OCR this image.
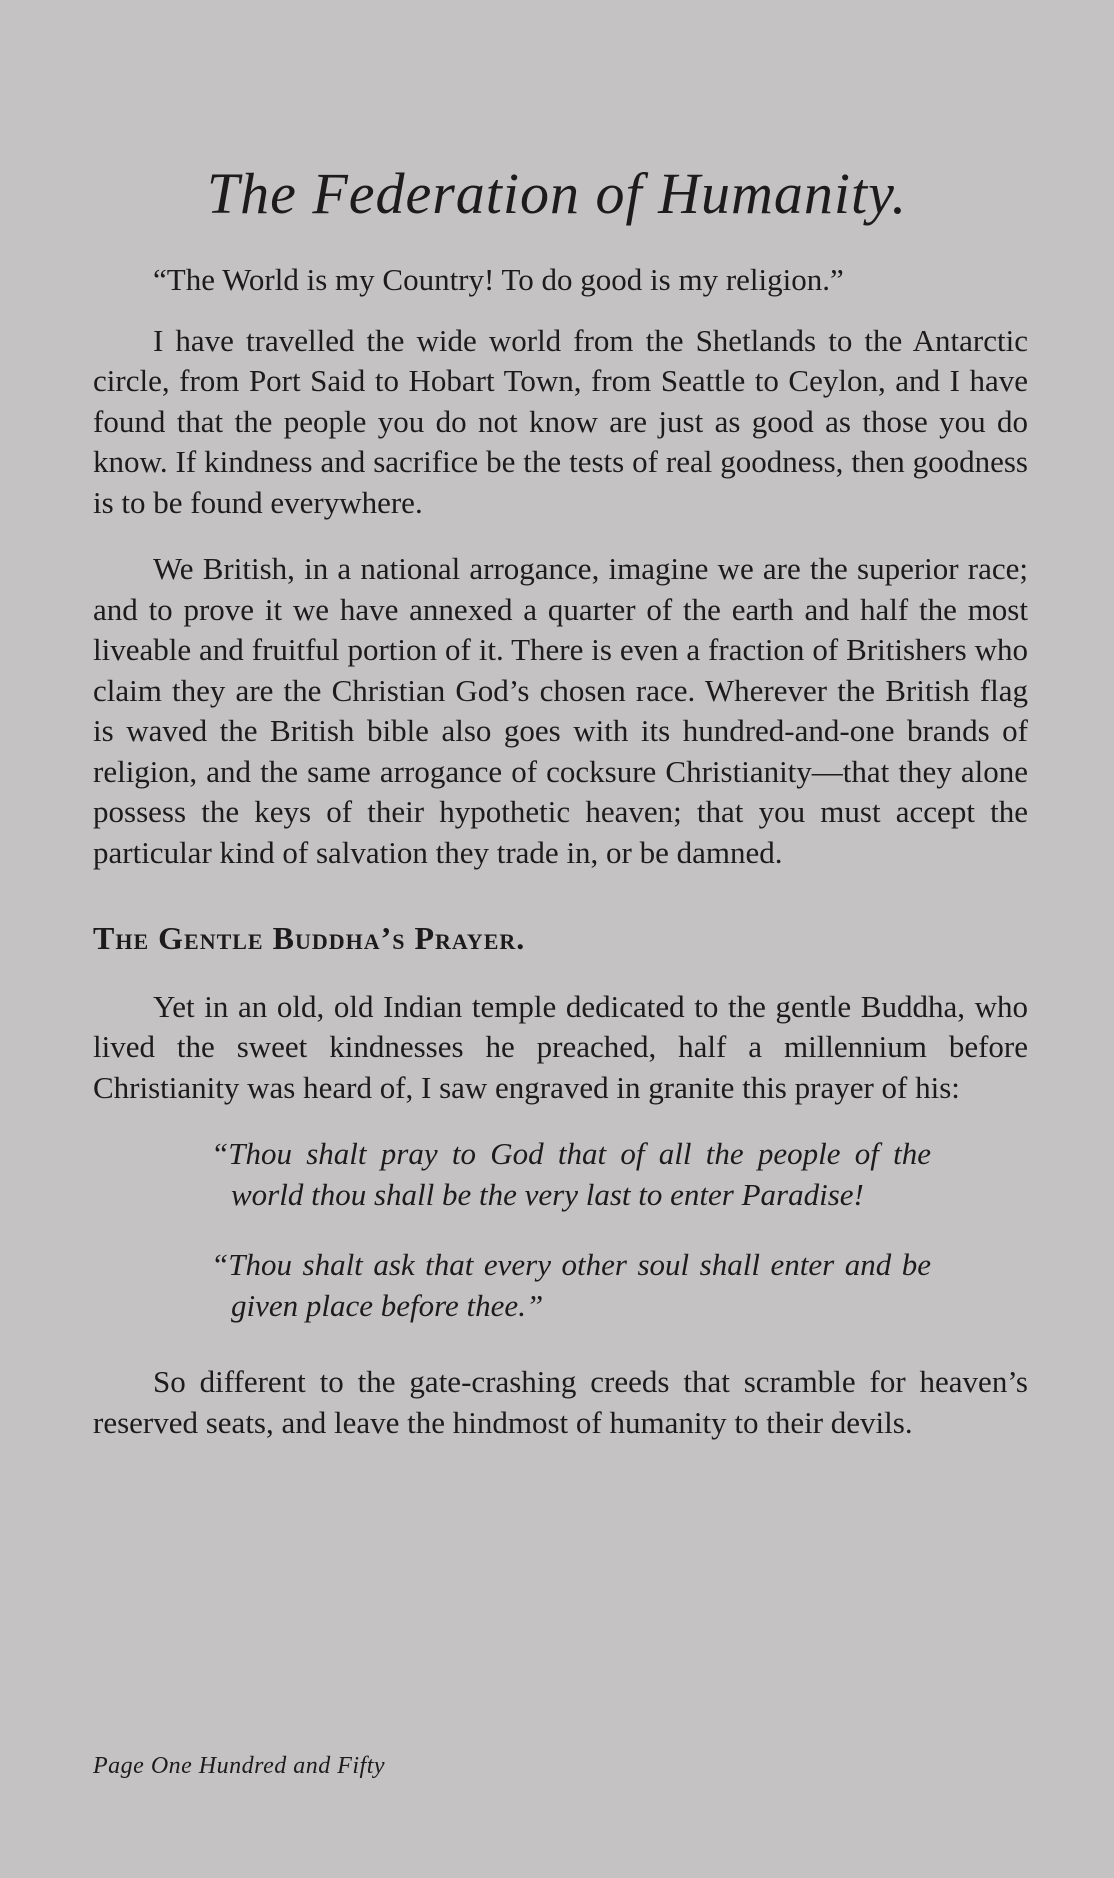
The Federation of Humanity.

“The World is my Country! To do good is my religion.”

I have travelled the wide world from the Shetlands to the Antarctic circle, from Port Said to Hobart Town, from Seattle to Ceylon, and I have found that the people you do not know are just as good as those you do know. If kindness and sacrifice be the tests of real goodness, then goodness is to be found everywhere.

We British, in a national arrogance, imagine we are the superior race; and to prove it we have annexed a quarter of the earth and half the most liveable and fruitful portion of it. There is even a fraction of Britishers who claim they are the Christian God’s chosen race. Wherever the British flag is waved the British bible also goes with its hundred-and-one brands of religion, and the same arrogance of cocksure Christianity—that they alone possess the keys of their hypothetic heaven; that you must accept the particular kind of salvation they trade in, or be damned.

The Gentle Buddha’s Prayer.

Yet in an old, old Indian temple dedicated to the gentle Buddha, who lived the sweet kindnesses he preached, half a millennium before Christianity was heard of, I saw engraved in granite this prayer of his:

“Thou shalt pray to God that of all the people of the world thou shall be the very last to enter Paradise!

“Thou shalt ask that every other soul shall enter and be given place before thee.”

So different to the gate-crashing creeds that scramble for heaven’s reserved seats, and leave the hindmost of humanity to their devils.

Page One Hundred and Fifty
